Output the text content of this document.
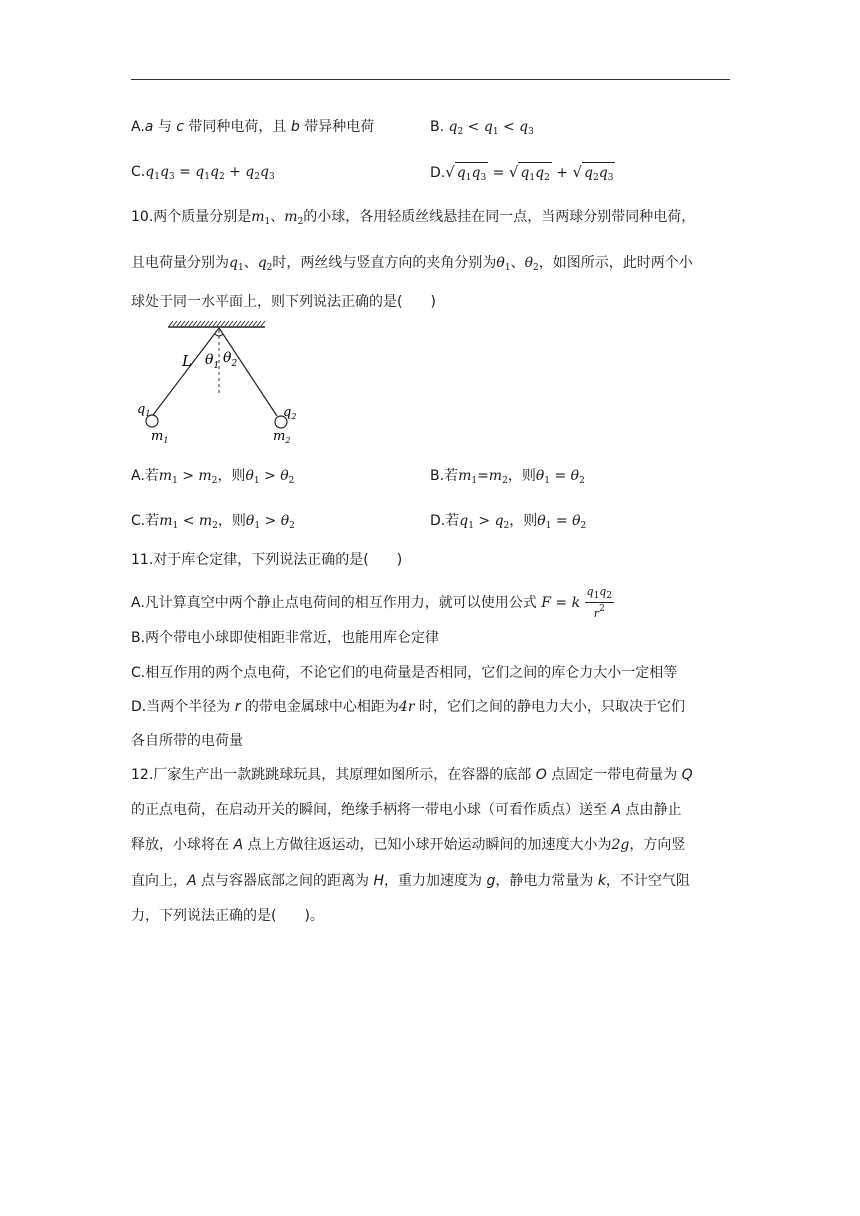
A.a 与 c 带同种电荷，且 b 带异种电荷	B. $q_2 < q_1 < q_3$
$C.q_1q_3 = q_1q_2 + q_2q_3$	D.√ $q_1q_3$ = √ $q_1q_2$ + √ $q_2q_3$
10.两个质量分别是$m_1$、$m_2$的小球，各用轻质丝线悬挂在同一点，当两球分别带同种电荷，
且电荷量分别为$q_1$、$q_2$时，两丝线与竖直方向的夹角分别为$\theta_1$、$\theta_2$，如图所示，此时两个小
球处于同一水平面上，则下列说法正确的是(　　)
L $\theta_1$ $\theta_2$
$q_1$	$q_2$
$m_1$	$m_2$
A.若$m_1 > m_2$，则$\theta_1 > \theta_2$	B.若$m_1=m_2$，则$\theta_1 = \theta_2$
C.若$m_1 < m_2$，则$\theta_1 > \theta_2$	D.若$q_1 > q_2$，则$\theta_1 = \theta_2$
11.对于库仑定律，下列说法正确的是(　　)
A.凡计算真空中两个静止点电荷间的相互作用力，就可以使用公式 F = k $\frac{q_1q_2}{r^2}$
B.两个带电小球即使相距非常近，也能用库仑定律
C.相互作用的两个点电荷，不论它们的电荷量是否相同，它们之间的库仑力大小一定相等
D.当两个半径为 r 的带电金属球中心相距为4r 时，它们之间的静电力大小，只取决于它们
各自所带的电荷量
12.厂家生产出一款跳跳球玩具，其原理如图所示，在容器的底部 O 点固定一带电荷量为 Q
的正点电荷，在启动开关的瞬间，绝缘手柄将一带电小球（可看作质点）送至 A 点由静止
释放，小球将在 A 点上方做往返运动，已知小球开始运动瞬间的加速度大小为2g，方向竖
直向上，A 点与容器底部之间的距离为 H，重力加速度为 g，静电力常量为 k，不计空气阻
力，下列说法正确的是(　　)。
